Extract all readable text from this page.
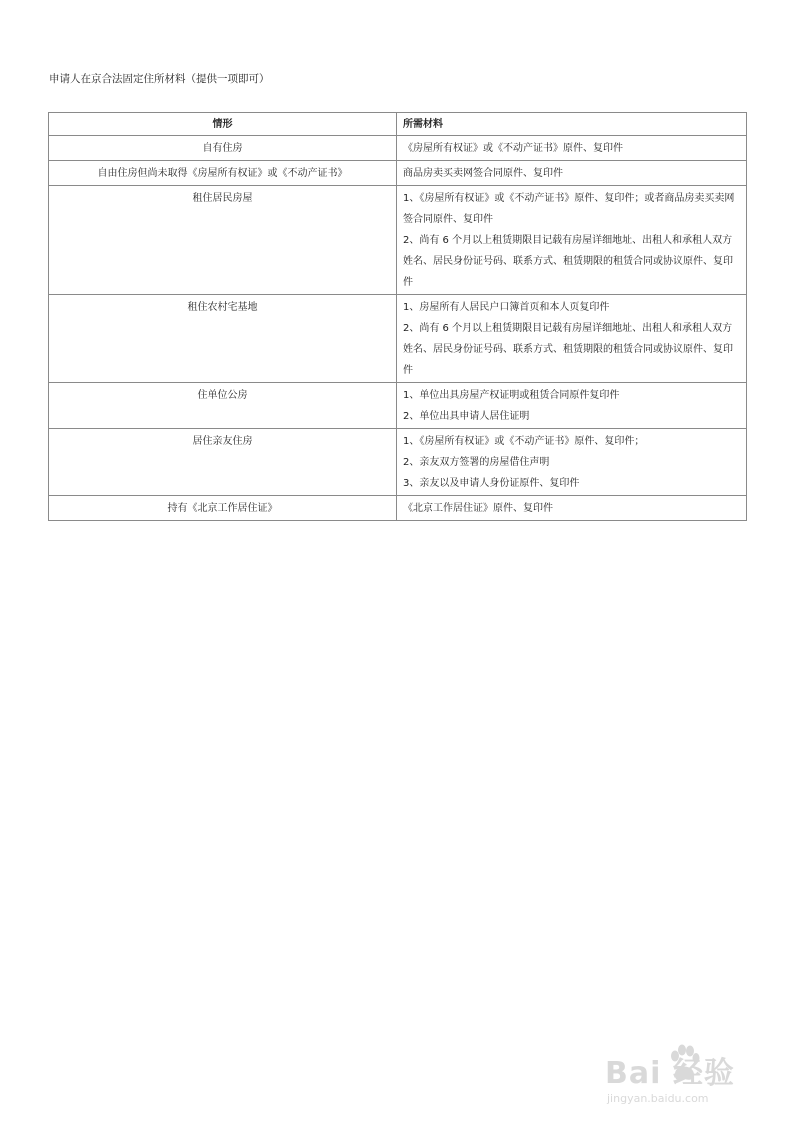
申请人在京合法固定住所材料（提供一项即可）
情形	所需材料
自有住房	《房屋所有权证》或《不动产证书》原件、复印件

自由住房但尚未取得《房屋所有权证》或《不动产证书》	商品房卖买卖网签合同原件、复印件

租住居民房屋	1、《房屋所有权证》或《不动产证书》原件、复印件；或者商品房卖买卖网签合同原件、复印件
2、尚有 6 个月以上租赁期限目记载有房屋详细地址、出租人和承租人双方姓名、居民身份证号码、联系方式、租赁期限的租赁合同或协议原件、复印件

租住农村宅基地	1、房屋所有人居民户口簿首页和本人页复印件
2、尚有 6 个月以上租赁期限目记载有房屋详细地址、出租人和承租人双方姓名、居民身份证号码、联系方式、租赁期限的租赁合同或协议原件、复印件

住单位公房	1、单位出具房屋产权证明或租赁合同原件复印件
2、单位出具申请人居住证明

居住亲友住房	1、《房屋所有权证》或《不动产证书》原件、复印件；
2、亲友双方签署的房屋借住声明
3、亲友以及申请人身份证原件、复印件

持有《北京工作居住证》	《北京工作居住证》原件、复印件
Bai 经验
jingyan.baidu.com
